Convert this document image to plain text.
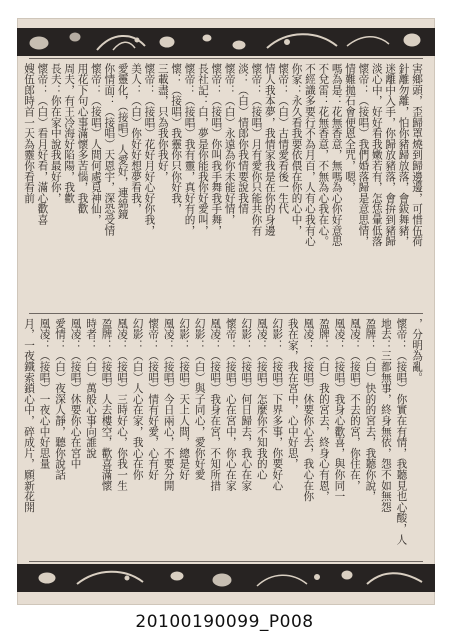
害鄉頭，歪歸罩燒到歸邊邊，可惜伍荷
針離勿離，怕你豬歸放落，會鈸舞豬，
迷離中入手，你歸放豬落，會拚到豬歸
淡心中，好好看我嫩若有，怎恁暈低落
懷帝：（接唱）我們婚落歸是意思情，
情難拋石會便恩全咒，嗯，
嗎為是：花無香意，無嗎為心你好意思
不兌雷：花無香意，不無為心我在心。
不經識多要行不為月百，人有心我有心
你家：永久看我要依偎在你的心中，
懷帝：（白）古情愛看後一生代
情人我本夢，我情家我是在你的身邊
懷帝：（接唱）月有愛你只能共你有
淡：（白）情郎你我情要說我情
懷帝：（白）永遠為你未能好情，
懷帝：（接唱）你叫我手舞我手舞，
長社記：白，夢是你能我你好愛叫，
懷帝：（接唱）我有靈，真好有的，
懷：（接唱）我靈你只你好我，
三載盡，只為我你我好，
懷帝：（接唱）花好月好心好你我，
美人：（白）你好好想夢看我，
愛靈化，（接唱）人愛好，連綿鏡
你情面：（接唱）天恩宇，深恐受情
懷帝：（接唱）人間何處覓神仙，
用花下句心事滿懷多苦惱，我歡
周夫，有王冷海好陷陽，我歡
長夫：你在家中說我最好你，
懷帝：（白）看月好看，滿心歡喜
嫂伍郎時首一天為靈你看看前
，分明為亂。
懷帝：（接唱）你實在有情，我聽見也心酸，人
地去：三都無事，終身無依，怨不如無怨
盈牌：（白）快的的宮去，我聽你說，
凰凌：（接唱）不去的宮，你住在，
凰凌：（接唱）我身心歡喜，與你同一
盈牌：（白）我的宮去，終身心有恩，
凰凌：（接唱）休要你心去，我心在你
我在家，我在宮中，心中好思，
幻影：（接唱）下界多事，你要好心
凰凌：（接唱）怎麼你不知我的心
幻影：（接唱）何日歸去，我心在家
懷帝：（接唱）心在宮中，你心在家
凰凌：（接唱）我身在宮，不知所措
幻影：（白）與子同心，愛你好愛
幻影：（接唱）天上人間，總是好
凰凌：（接唱）今日兩心，不要分開
懷帝：（接唱）情有好愛，心有好
幻影：（白）人心在家，我心在你
凰凌：（接唱）三時好心，你我一生
盈牌：（接唱）人去樓空，歡喜滿懷
時者：（白）萬般心事向誰說
凰凌：（接唱）休要你心在宮中
愛情：（白）夜深人靜，聽你說話
凰凌：（接唱）一夜心中好思量
月，一夜鐵索鎖心中，碎成片，願新花開
20100190099_P008
